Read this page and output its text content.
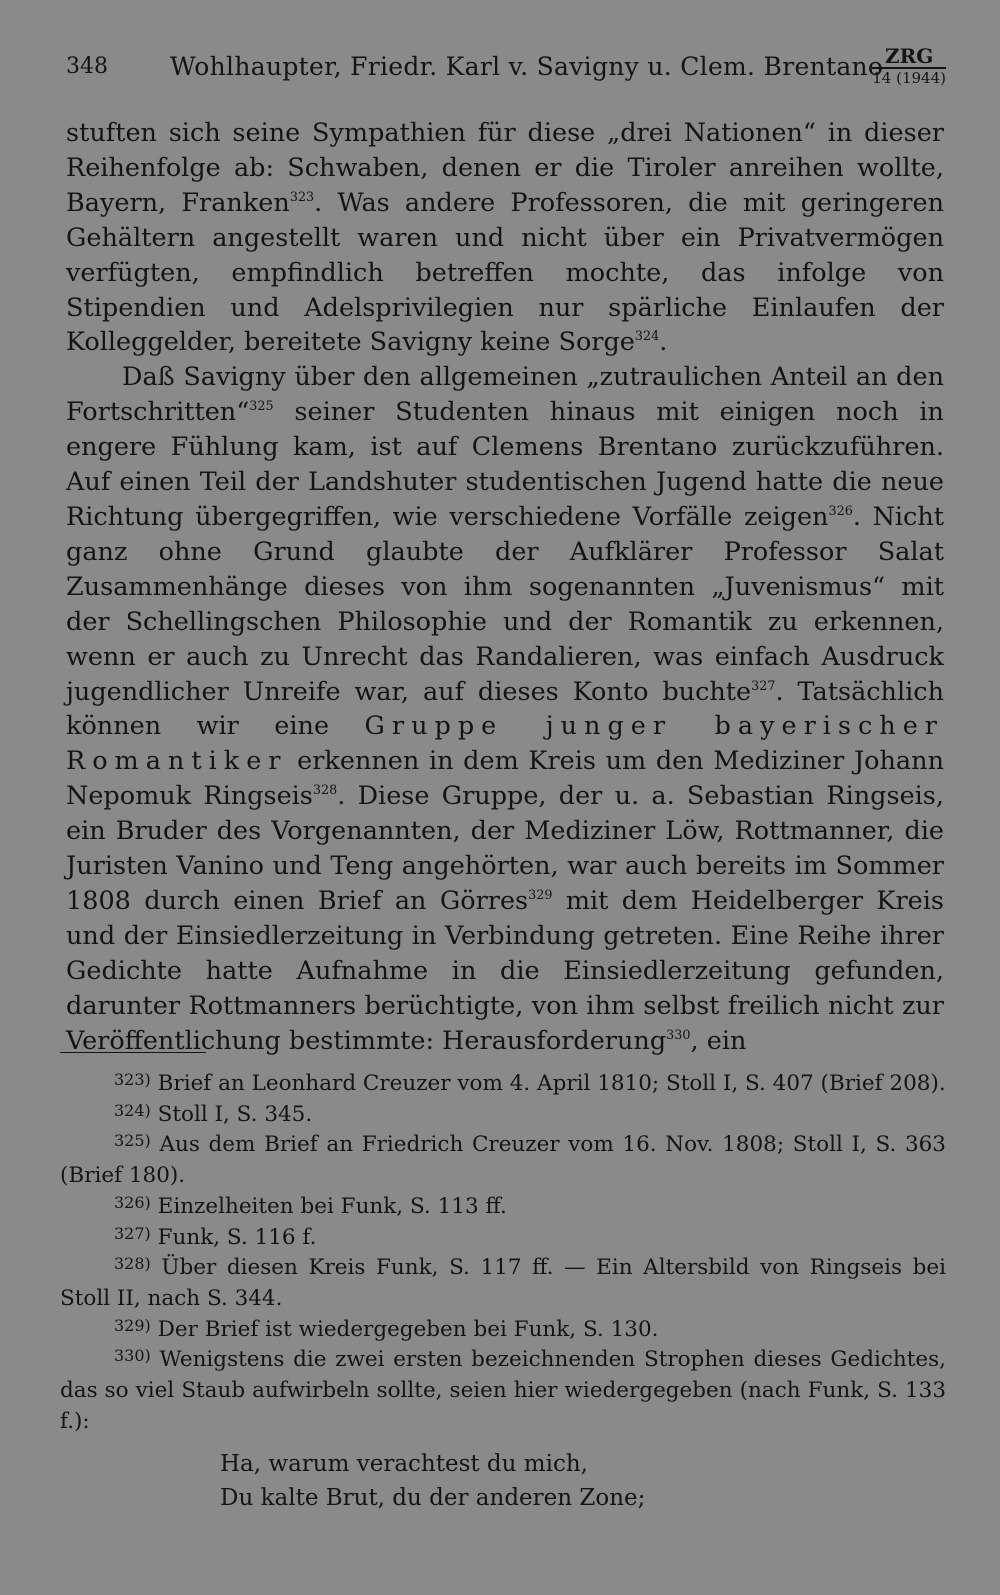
348 Wohlhaupter, Friedr. Karl v. Savigny u. Clem. Brentano ZRG
14 (1944)

stuften sich seine Sympathien für diese „drei Nationen“ in dieser Reihenfolge ab: Schwaben, denen er die Tiroler anreihen wollte, Bayern, Franken$^{323}$. Was andere Professoren, die mit geringeren Gehältern angestellt waren und nicht über ein Privatvermögen verfügten, empfindlich betreffen mochte, das infolge von Stipendien und Adelsprivilegien nur spärliche Einlaufen der Kolleggelder, bereitete Savigny keine Sorge$^{324}$.

Daß Savigny über den allgemeinen „zutraulichen Anteil an den Fortschritten“$^{325}$ seiner Studenten hinaus mit einigen noch in engere Fühlung kam, ist auf Clemens Brentano zurückzuführen. Auf einen Teil der Landshuter studentischen Jugend hatte die neue Richtung übergegriffen, wie verschiedene Vorfälle zeigen$^{326}$. Nicht ganz ohne Grund glaubte der Aufklärer Professor Salat Zusammenhänge dieses von ihm sogenannten „Juvenismus“ mit der Schellingschen Philosophie und der Romantik zu erkennen, wenn er auch zu Unrecht das Randalieren, was einfach Ausdruck jugendlicher Unreife war, auf dieses Konto buchte$^{327}$. Tatsächlich können wir eine Gruppe junger bayerischer Romantiker erkennen in dem Kreis um den Mediziner Johann Nepomuk Ringseis$^{328}$. Diese Gruppe, der u. a. Sebastian Ringseis, ein Bruder des Vorgenannten, der Mediziner Löw, Rottmanner, die Juristen Vanino und Teng angehörten, war auch bereits im Sommer 1808 durch einen Brief an Görres$^{329}$ mit dem Heidelberger Kreis und der Einsiedlerzeitung in Verbindung getreten. Eine Reihe ihrer Gedichte hatte Aufnahme in die Einsiedlerzeitung gefunden, darunter Rottmanners berüchtigte, von ihm selbst freilich nicht zur Veröffentlichung bestimmte: Herausforderung$^{330}$, ein

$^{323)}$ Brief an Leonhard Creuzer vom 4. April 1810; Stoll I, S. 407 (Brief 208).

$^{324)}$ Stoll I, S. 345.

$^{325)}$ Aus dem Brief an Friedrich Creuzer vom 16. Nov. 1808; Stoll I, S. 363 (Brief 180).

$^{326)}$ Einzelheiten bei Funk, S. 113 ff.

$^{327)}$ Funk, S. 116 f.

$^{328)}$ Über diesen Kreis Funk, S. 117 ff. — Ein Altersbild von Ringseis bei Stoll II, nach S. 344.

$^{329)}$ Der Brief ist wiedergegeben bei Funk, S. 130.

$^{330)}$ Wenigstens die zwei ersten bezeichnenden Strophen dieses Gedichtes, das so viel Staub aufwirbeln sollte, seien hier wiedergegeben (nach Funk, S. 133 f.):

Ha, warum verachtest du mich,
Du kalte Brut, du der anderen Zone;
